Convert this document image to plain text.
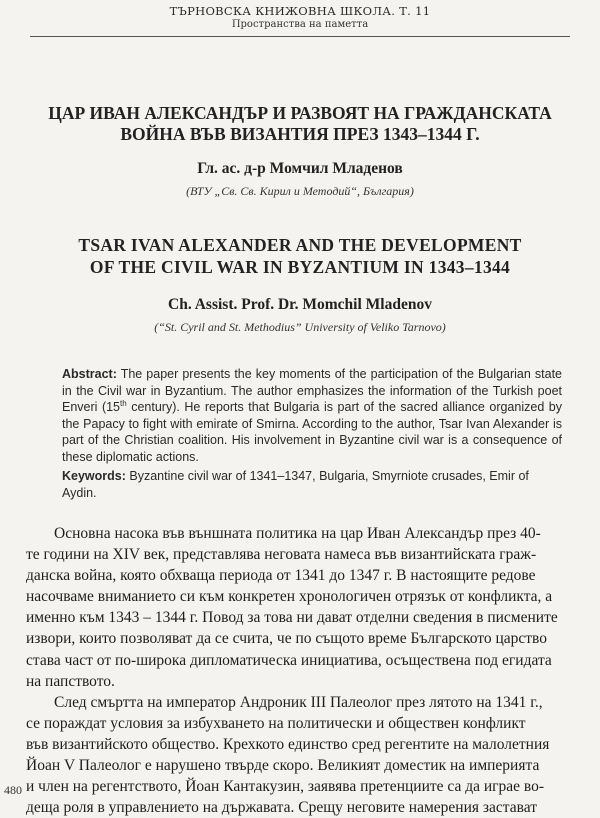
ТЪРНОВСКА КНИЖОВНА ШКОЛА. Т. 11
Пространства на паметта
ЦАР ИВАН АЛЕКСАНДЪР И РАЗВОЯТ НА ГРАЖДАНСКАТА
ВОЙНА ВЪВ ВИЗАНТИЯ ПРЕЗ 1343–1344 Г.
Гл. ас. д-р Момчил Младенов
(ВТУ „Св. Св. Кирил и Методий“, България)
TSAR IVAN ALEXANDER AND THE DEVELOPMENT
OF THE CIVIL WAR IN BYZANTIUM IN 1343–1344
Ch. Assist. Prof. Dr. Momchil Mladenov
(“St. Cyril and St. Methodius” University of Veliko Tarnovo)
Abstract: The paper presents the key moments of the participation of the Bulgarian state in the Civil war in Byzantium. The author emphasizes the information of the Turkish poet Enveri (15th century). He reports that Bulgaria is part of the sacred alliance organized by the Papacy to fight with emirate of Smirna. According to the author, Tsar Ivan Alexander is part of the Christian coalition. His involvement in Byzantine civil war is a consequence of these diplomatic actions.
Keywords: Byzantine civil war of 1341–1347, Bulgaria, Smyrniote crusades, Emir of Aydin.
Основна насока във външната политика на цар Иван Александър през 40-
те години на XIV век, представлява неговата намеса във византийската граж-
данска война, която обхваща периода от 1341 до 1347 г. В настоящите редове
насочваме вниманието си към конкретен хронологичен отрязък от конфликта, а
именно към 1343 – 1344 г. Повод за това ни дават отделни сведения в писмените
извори, които позволяват да се счита, че по същото време Българското царство
става част от по-широка дипломатическа инициатива, осъществена под егидата
на папството.
След смъртта на император Андроник III Палеолог през лятото на 1341 г.,
се пораждат условия за избухването на политически и обществен конфликт
във византийското общество. Крехкото единство сред регентите на малолетния
Йоан V Палеолог е нарушено твърде скоро. Великият доместик на империята
и член на регентството, Йоан Кантакузин, заявява претенциите са да играе во-
деща роля в управлението на държавата. Срещу неговите намерения застават
480
